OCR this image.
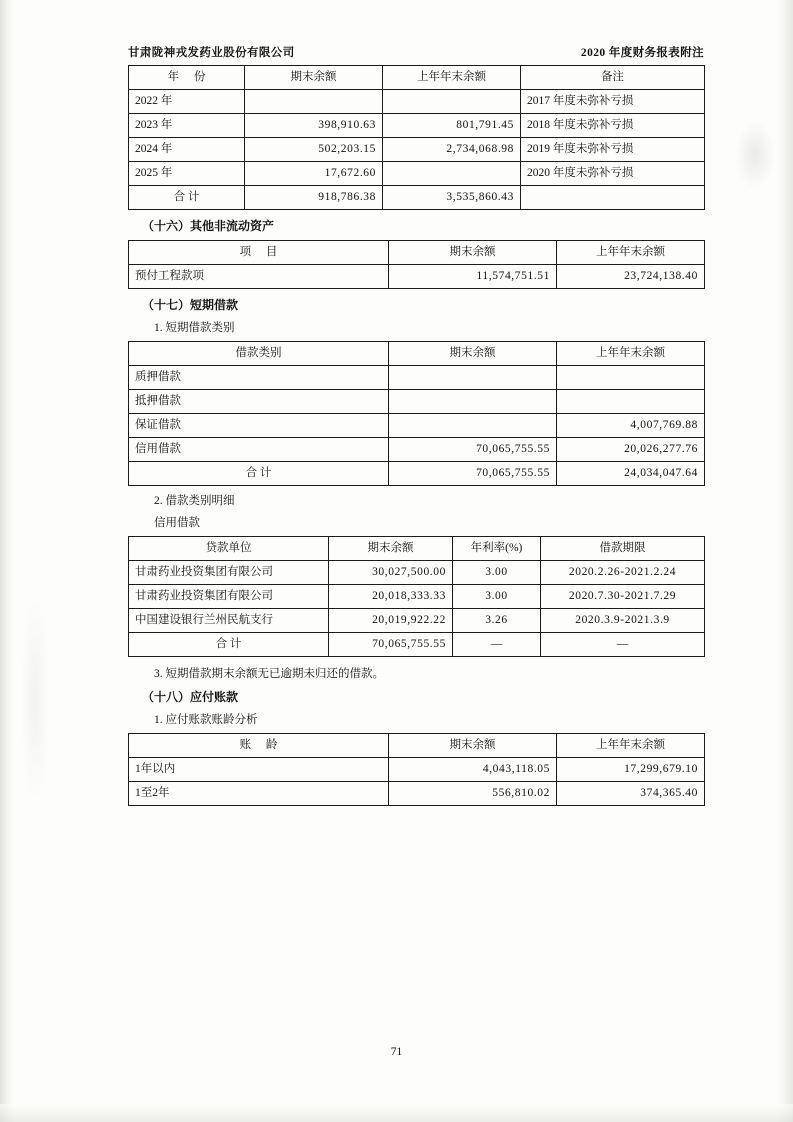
甘肃陇神戎发药业股份有限公司	2020 年度财务报表附注
年 份	期末余额	上年年末余额	备注
2022 年			2017 年度未弥补亏损
2023 年	398,910.63	801,791.45	2018 年度未弥补亏损
2024 年	502,203.15	2,734,068.98	2019 年度未弥补亏损
2025 年	17,672.60		2020 年度未弥补亏损
合 计	918,786.38	3,535,860.43	
（十六）其他非流动资产
项 目	期末余额	上年年末余额
预付工程款项	11,574,751.51	23,724,138.40
（十七）短期借款
1. 短期借款类别
借款类别	期末余额	上年年末余额
质押借款		
抵押借款		
保证借款		4,007,769.88
信用借款	70,065,755.55	20,026,277.76
合 计	70,065,755.55	24,034,047.64
2. 借款类别明细
信用借款
贷款单位	期末余额	年利率(%)	借款期限
甘肃药业投资集团有限公司	30,027,500.00	3.00	2020.2.26-2021.2.24
甘肃药业投资集团有限公司	20,018,333.33	3.00	2020.7.30-2021.7.29
中国建设银行兰州民航支行	20,019,922.22	3.26	2020.3.9-2021.3.9
合 计	70,065,755.55	—	—
3. 短期借款期末余额无已逾期未归还的借款。
（十八）应付账款
1. 应付账款账龄分析
账 龄	期末余额	上年年末余额
1年以内	4,043,118.05	17,299,679.10
1至2年	556,810.02	374,365.40
71
